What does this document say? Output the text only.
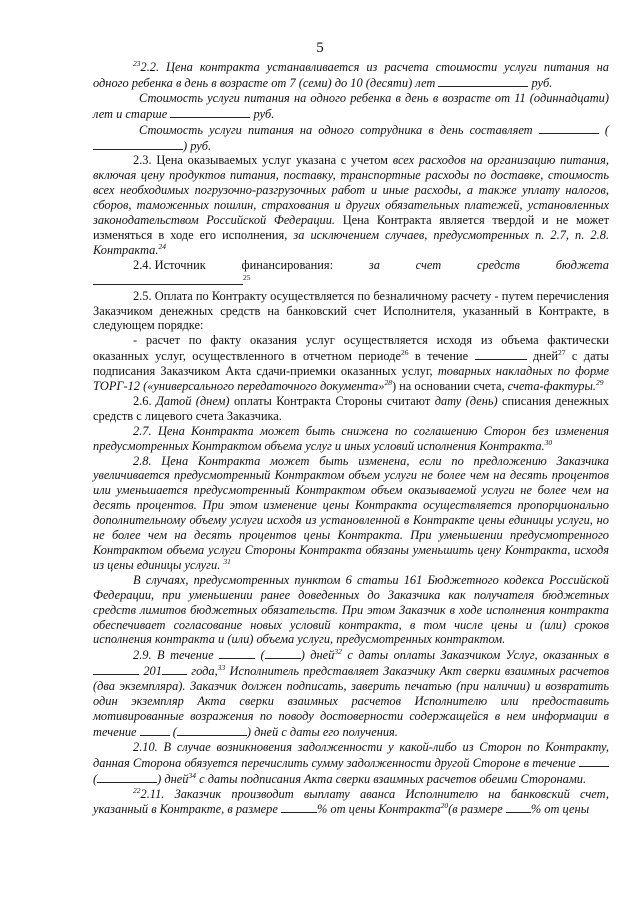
5

$^{23}$2.2. Цена контракта устанавливается из расчета стоимости услуги питания на одного ребенка в день в возрасте от 7 (семи) до 10 (десяти) лет	руб.

Стоимость услуги питания на одного ребенка в день в возрасте от 11 (одиннадцати) лет и старше	руб.

Стоимость услуги питания на одного сотрудника в день составляет	() руб.

2.3. Цена оказываемых услуг указана с учетом всех расходов на организацию питания, включая цену продуктов питания, поставку, транспортные расходы по доставке, стоимость всех необходимых погрузочно-разгрузочных работ и иные расходы, а также уплату налогов, сборов, таможенных пошлин, страхования и других обязательных платежей, установленных законодательством Российской Федерации. Цена Контракта является твердой и не может изменяться в ходе его исполнения, за исключением случаев, предусмотренных п. 2.7, п. 2.8. Контракта.$^{24}$

2.4. Источник	финансирования:	за	счет	средств	бюджета

$^{25}$

2.5. Оплата по Контракту осуществляется по безналичному расчету - путем перечисления Заказчиком денежных средств на банковский счет Исполнителя, указанный в Контракте, в следующем порядке:

- расчет по факту оказания услуг осуществляется исходя из объема фактически оказанных услуг, осуществленного в отчетном периоде$^{26}$ в течение	дней$^{27}$ с даты подписания Заказчиком Акта сдачи-приемки оказанных услуг, товарных накладных по форме ТОРГ-12 («универсального передаточного документа»$^{28}$) на основании счета, счета-фактуры.$^{29}$

2.6. Датой (днем) оплаты Контракта Стороны считают дату (день) списания денежных средств с лицевого счета Заказчика.

2.7. Цена Контракта может быть снижена по соглашению Сторон без изменения предусмотренных Контрактом объема услуг и иных условий исполнения Контракта.$^{30}$

2.8. Цена Контракта может быть изменена, если по предложению Заказчика увеличивается предусмотренный Контрактом объем услуги не более чем на десять процентов или уменьшается предусмотренный Контрактом объем оказываемой услуги не более чем на десять процентов. При этом изменение цены Контракта осуществляется пропорционально дополнительному объему услуги исходя из установленной в Контракте цены единицы услуги, но не более чем на десять процентов цены Контракта. При уменьшении предусмотренного Контрактом объема услуги Стороны Контракта обязаны уменьшить цену Контракта, исходя из цены единицы услуги. $^{31}$

В случаях, предусмотренных пунктом 6 статьи 161 Бюджетного кодекса Российской Федерации, при уменьшении ранее доведенных до Заказчика как получателя бюджетных средств лимитов бюджетных обязательств. При этом Заказчик в ходе исполнения контракта обеспечивает согласование новых условий контракта, в том числе цены и (или) сроков исполнения контракта и (или) объема услуги, предусмотренных контрактом.

2.9. В течение	(	) дней$^{32}$ с даты оплаты Заказчиком Услуг, оказанных в  201 года,$^{33}$ Исполнитель представляет Заказчику Акт сверки взаимных расчетов (два экземпляра). Заказчик должен подписать, заверить печатью (при наличии) и возвратить один экземпляр Акта сверки взаимных расчетов Исполнителю или предоставить мотивированные возражения по поводу достоверности содержащейся в нем информации в течение	(	) дней с даты его получения.

2.10. В случае возникновения задолженности у какой-либо из Сторон по Контракту, данная Сторона обязуется перечислить сумму задолженности другой Стороне в течение  (	) дней$^{34}$ с даты подписания Акта сверки взаимных расчетов обеими Сторонами.

$^{22}$2.11. Заказчик производит выплату аванса Исполнителю на банковский счет, указанный в Контракте, в размере	% от цены Контракта$^{20}$(в размере % от цены
